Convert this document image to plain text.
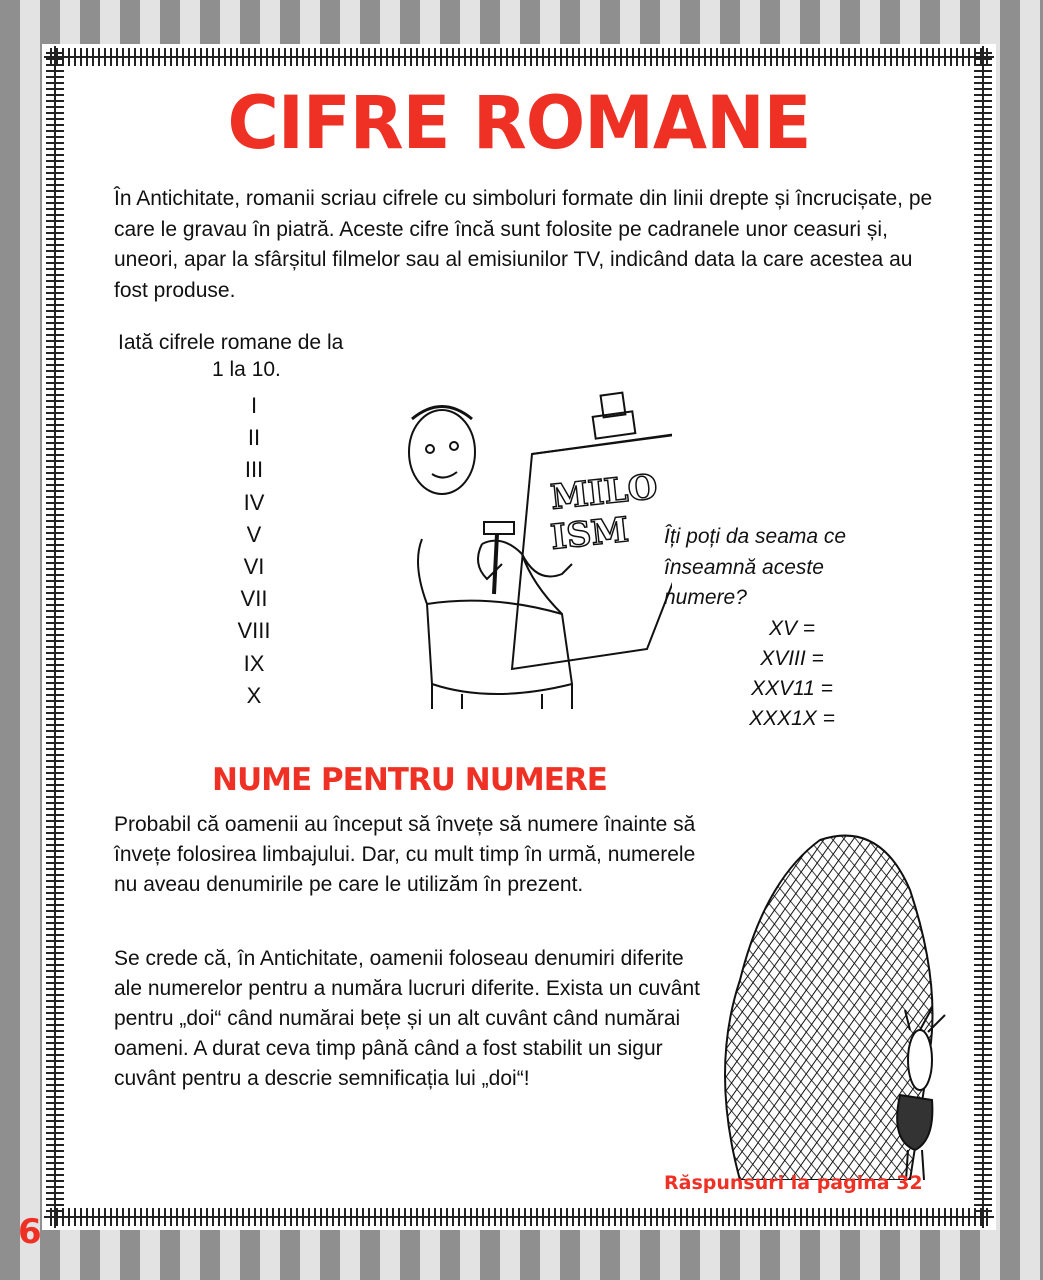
CIFRE ROMANE
În Antichitate, romanii scriau cifrele cu simboluri formate din linii drepte și încrucișate, pe care le gravau în piatră. Aceste cifre încă sunt folosite pe cadranele unor ceasuri și, uneori, apar la sfârșitul filmelor sau al emisiunilor TV, indicând data la care acestea au fost produse.
Iată cifrele romane de la
1 la 10.
I
II
III
IV
V
VI
VII
VIII
IX
X
MILO
ISM Îți poți da seama ce
înseamnă aceste
numere?
XV =
XVIII =
XXV11 =
XXX1X =
NUME PENTRU NUMERE
Probabil că oamenii au început să învețe să numere înainte să învețe folosirea limbajului. Dar, cu mult timp în urmă, numerele nu aveau denumirile pe care le utilizăm în prezent.
Se crede că, în Antichitate, oamenii foloseau denumiri diferite ale numerelor pentru a număra lucruri diferite. Exista un cuvânt pentru „doi“ când numărai bețe și un alt cuvânt când numărai oameni. A durat ceva timp până când a fost stabilit un sigur cuvânt pentru a descrie semnificația lui „doi“!
Răspunsuri la pagina 32
6
